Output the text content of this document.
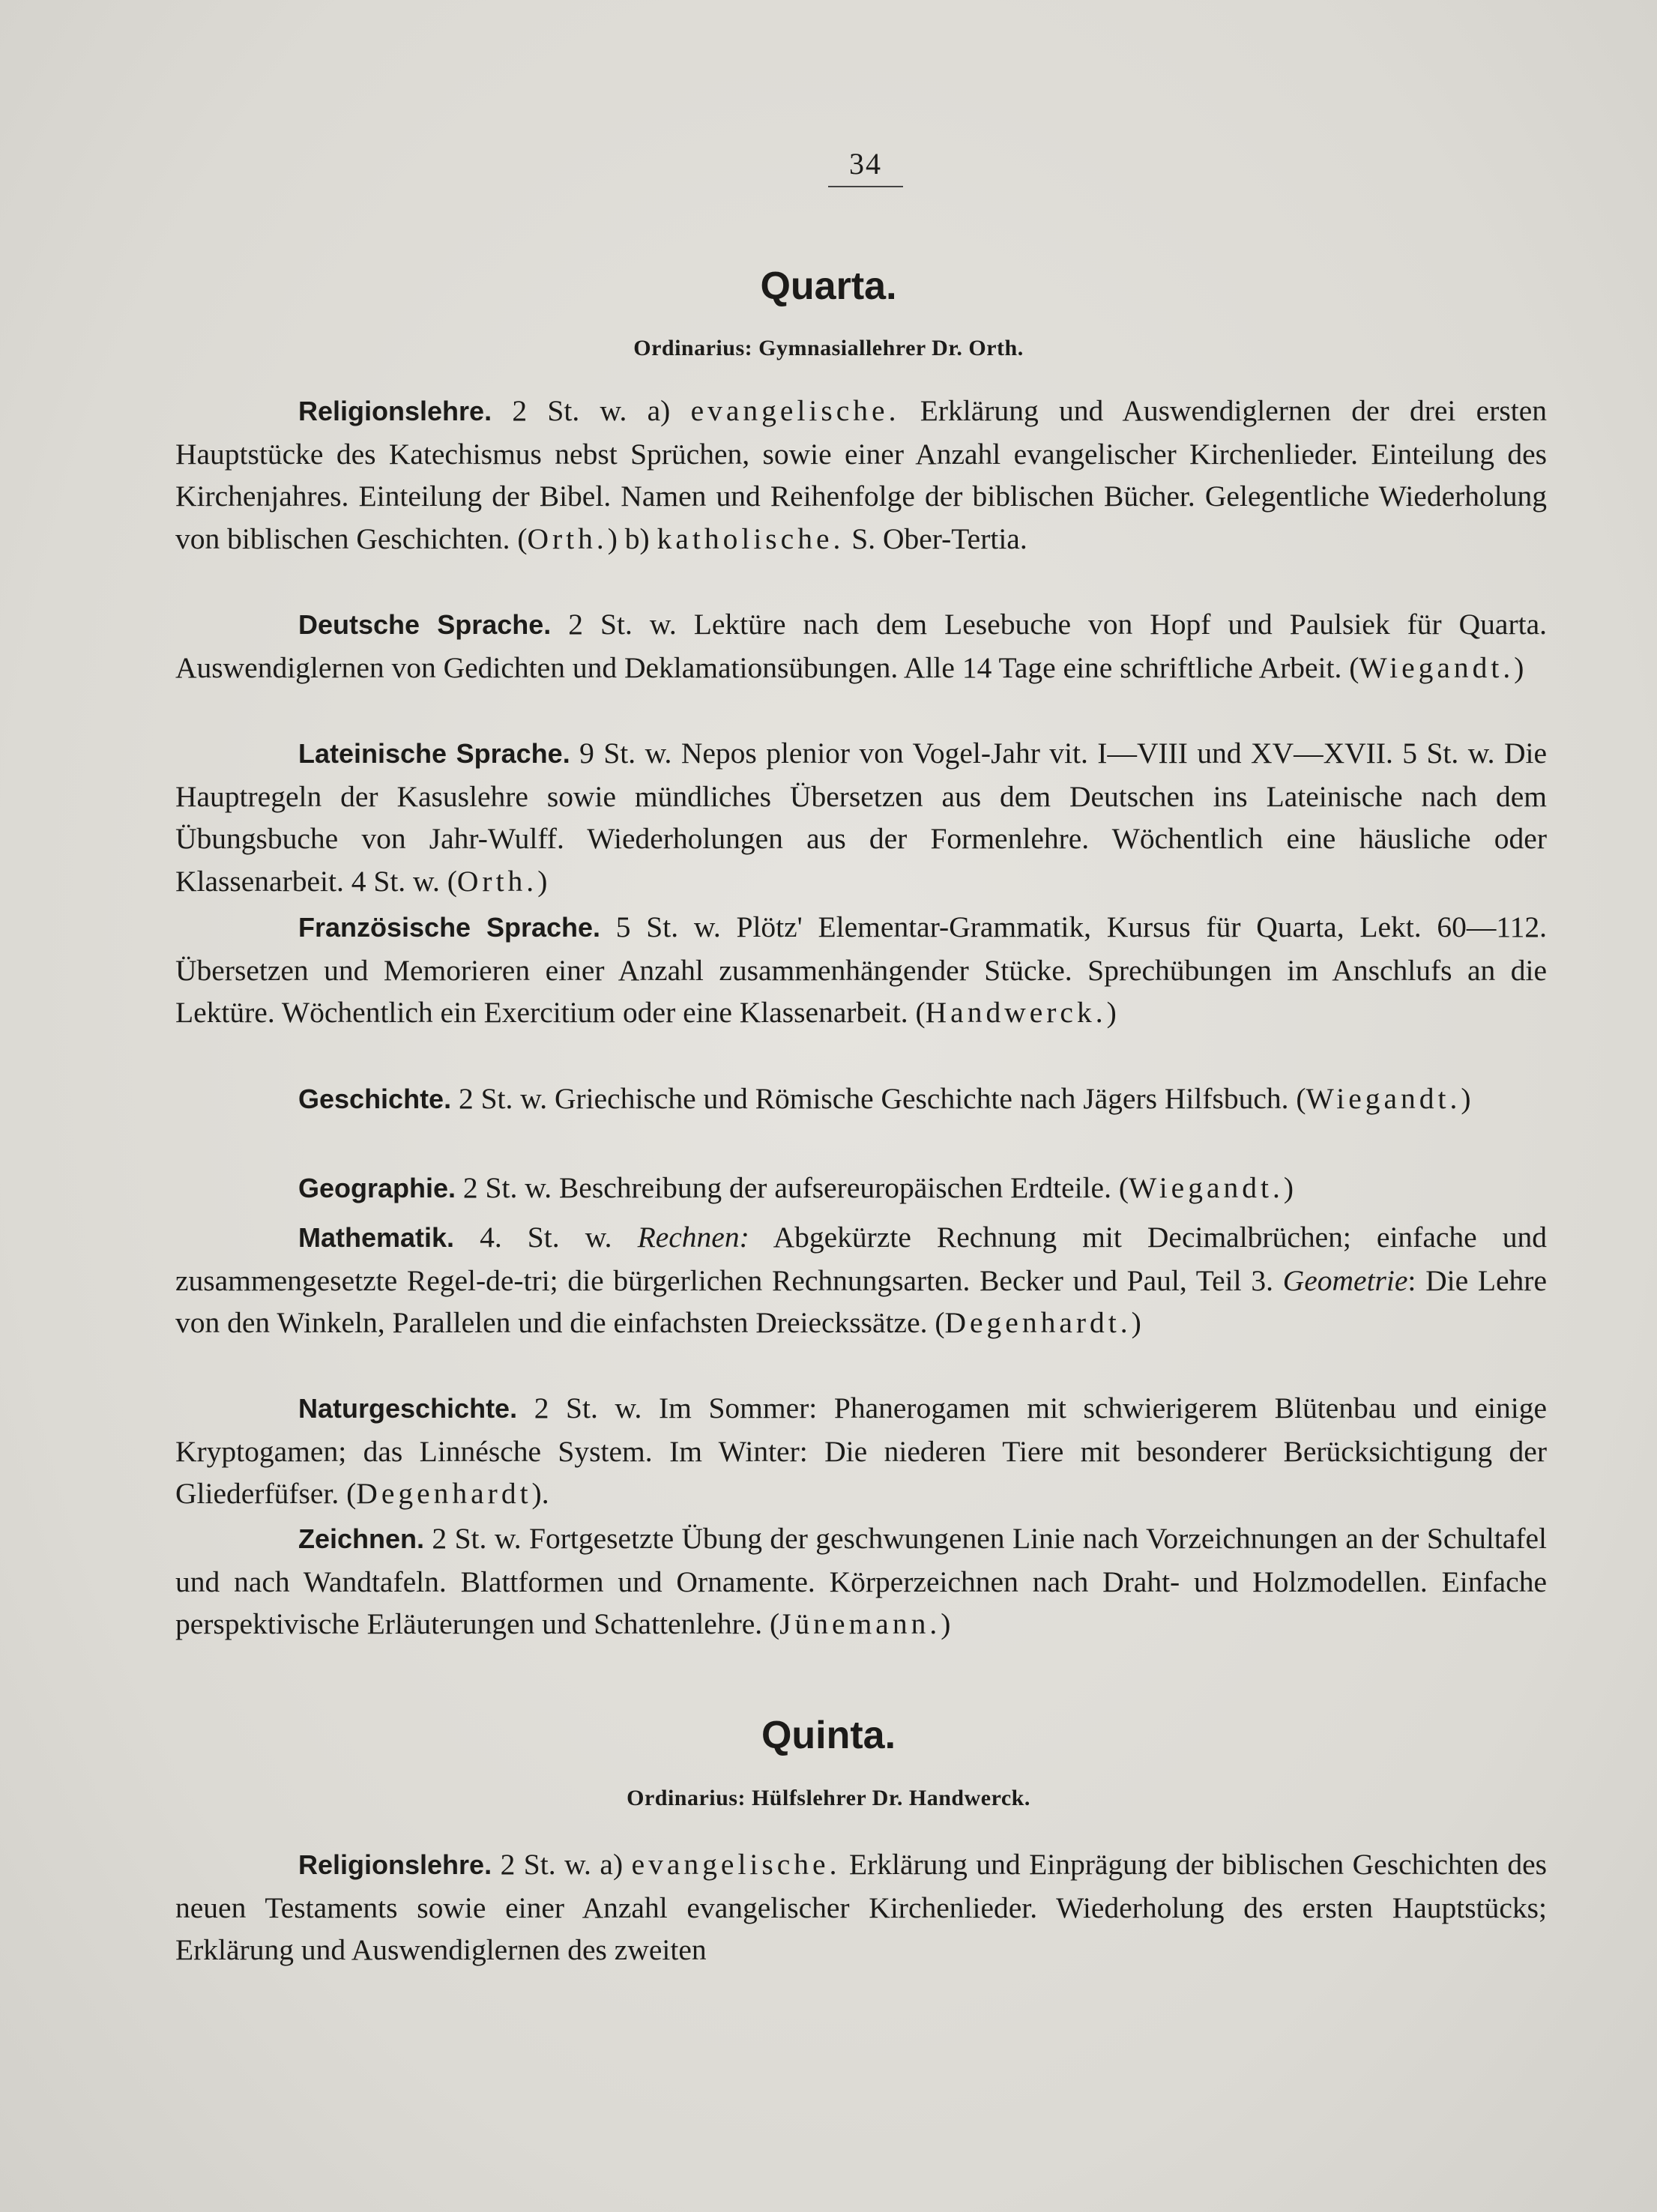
34
Quarta.
Ordinarius: Gymnasiallehrer Dr. Orth.

Religionslehre. 2 St. w. a) evangelische. Erklärung und Auswendiglernen der drei ersten Hauptstücke des Katechismus nebst Sprüchen, sowie einer Anzahl evangelischer Kirchenlieder. Einteilung des Kirchenjahres. Einteilung der Bibel. Namen und Reihenfolge der biblischen Bücher. Gelegentliche Wiederholung von biblischen Geschichten. (Orth.) b) katholische. S. Ober-Tertia.

Deutsche Sprache. 2 St. w. Lektüre nach dem Lesebuche von Hopf und Paulsiek für Quarta. Auswendiglernen von Gedichten und Deklamationsübungen. Alle 14 Tage eine schriftliche Arbeit. (Wiegandt.)

Lateinische Sprache. 9 St. w. Nepos plenior von Vogel-Jahr vit. I—VIII und XV—XVII. 5 St. w. Die Hauptregeln der Kasuslehre sowie mündliches Übersetzen aus dem Deutschen ins Lateinische nach dem Übungsbuche von Jahr-Wulff. Wiederholungen aus der Formenlehre. Wöchentlich eine häusliche oder Klassenarbeit. 4 St. w. (Orth.)

Französische Sprache. 5 St. w. Plötz' Elementar-Grammatik, Kursus für Quarta, Lekt. 60—112. Übersetzen und Memorieren einer Anzahl zusammenhängender Stücke. Sprechübungen im Anschlufs an die Lektüre. Wöchentlich ein Exercitium oder eine Klassenarbeit. (Handwerck.)

Geschichte. 2 St. w. Griechische und Römische Geschichte nach Jägers Hilfsbuch. (Wiegandt.)

Geographie. 2 St. w. Beschreibung der aufsereuropäischen Erdteile. (Wiegandt.)

Mathematik. 4. St. w. Rechnen: Abgekürzte Rechnung mit Decimalbrüchen; einfache und zusammengesetzte Regel-de-tri; die bürgerlichen Rechnungsarten. Becker und Paul, Teil 3. Geometrie: Die Lehre von den Winkeln, Parallelen und die einfachsten Dreieckssätze. (Degenhardt.)

Naturgeschichte. 2 St. w. Im Sommer: Phanerogamen mit schwierigerem Blütenbau und einige Kryptogamen; das Linnésche System. Im Winter: Die niederen Tiere mit besonderer Berücksichtigung der Gliederfüfser. (Degenhardt).

Zeichnen. 2 St. w. Fortgesetzte Übung der geschwungenen Linie nach Vorzeichnungen an der Schultafel und nach Wandtafeln. Blattformen und Ornamente. Körperzeichnen nach Draht- und Holzmodellen. Einfache perspektivische Erläuterungen und Schattenlehre. (Jünemann.)

Quinta.
Ordinarius: Hülfslehrer Dr. Handwerck.

Religionslehre. 2 St. w. a) evangelische. Erklärung und Einprägung der biblischen Geschichten des neuen Testaments sowie einer Anzahl evangelischer Kirchenlieder. Wiederholung des ersten Hauptstücks; Erklärung und Auswendiglernen des zweiten
